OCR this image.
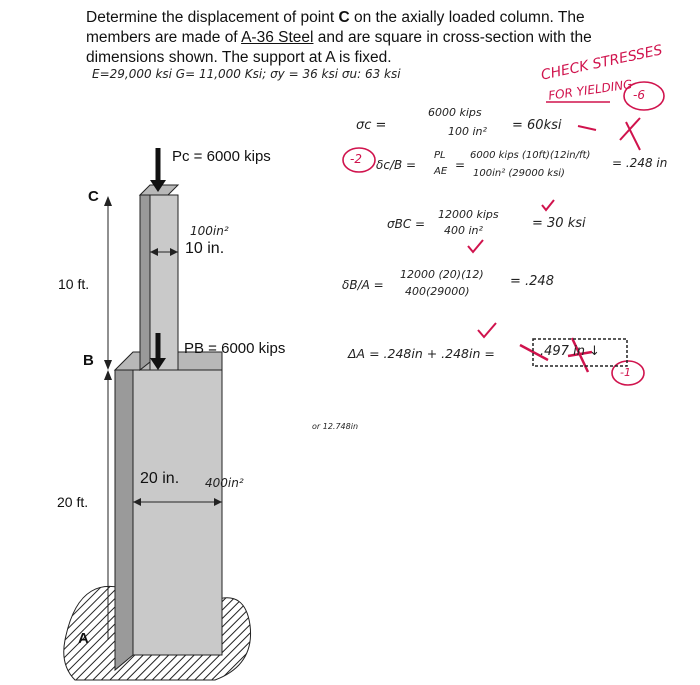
Determine the displacement of point C on the axially loaded column. The
members are made of A-36 Steel and are square in cross-section with the
dimensions shown. The support at A is fixed.
Pc = 6000 kips
PB = 6000 kips
C
B
A
10 ft.
20 ft.
10 in.
20 in.
100in²
400in²
E=29,000 ksi G= 11,000 Ksi; σy = 36 ksi σu: 63 ksi	CHECK STRESSES
FOR YIELDING -6
σc =
6000 kips
100 in² = 60ksi
-2 δc/B =
PL
AE =
6000 kips (10ft)(12in/ft)
100in² (29000 ksi)
= .248 in
σBC =
12000 kips
400 in²	= 30 ksi
δB/A =
12000 (20)(12)
400(29000)
= .248
ΔA = .248in + .248in =	.497 in ↓
-1
or 12.748in
